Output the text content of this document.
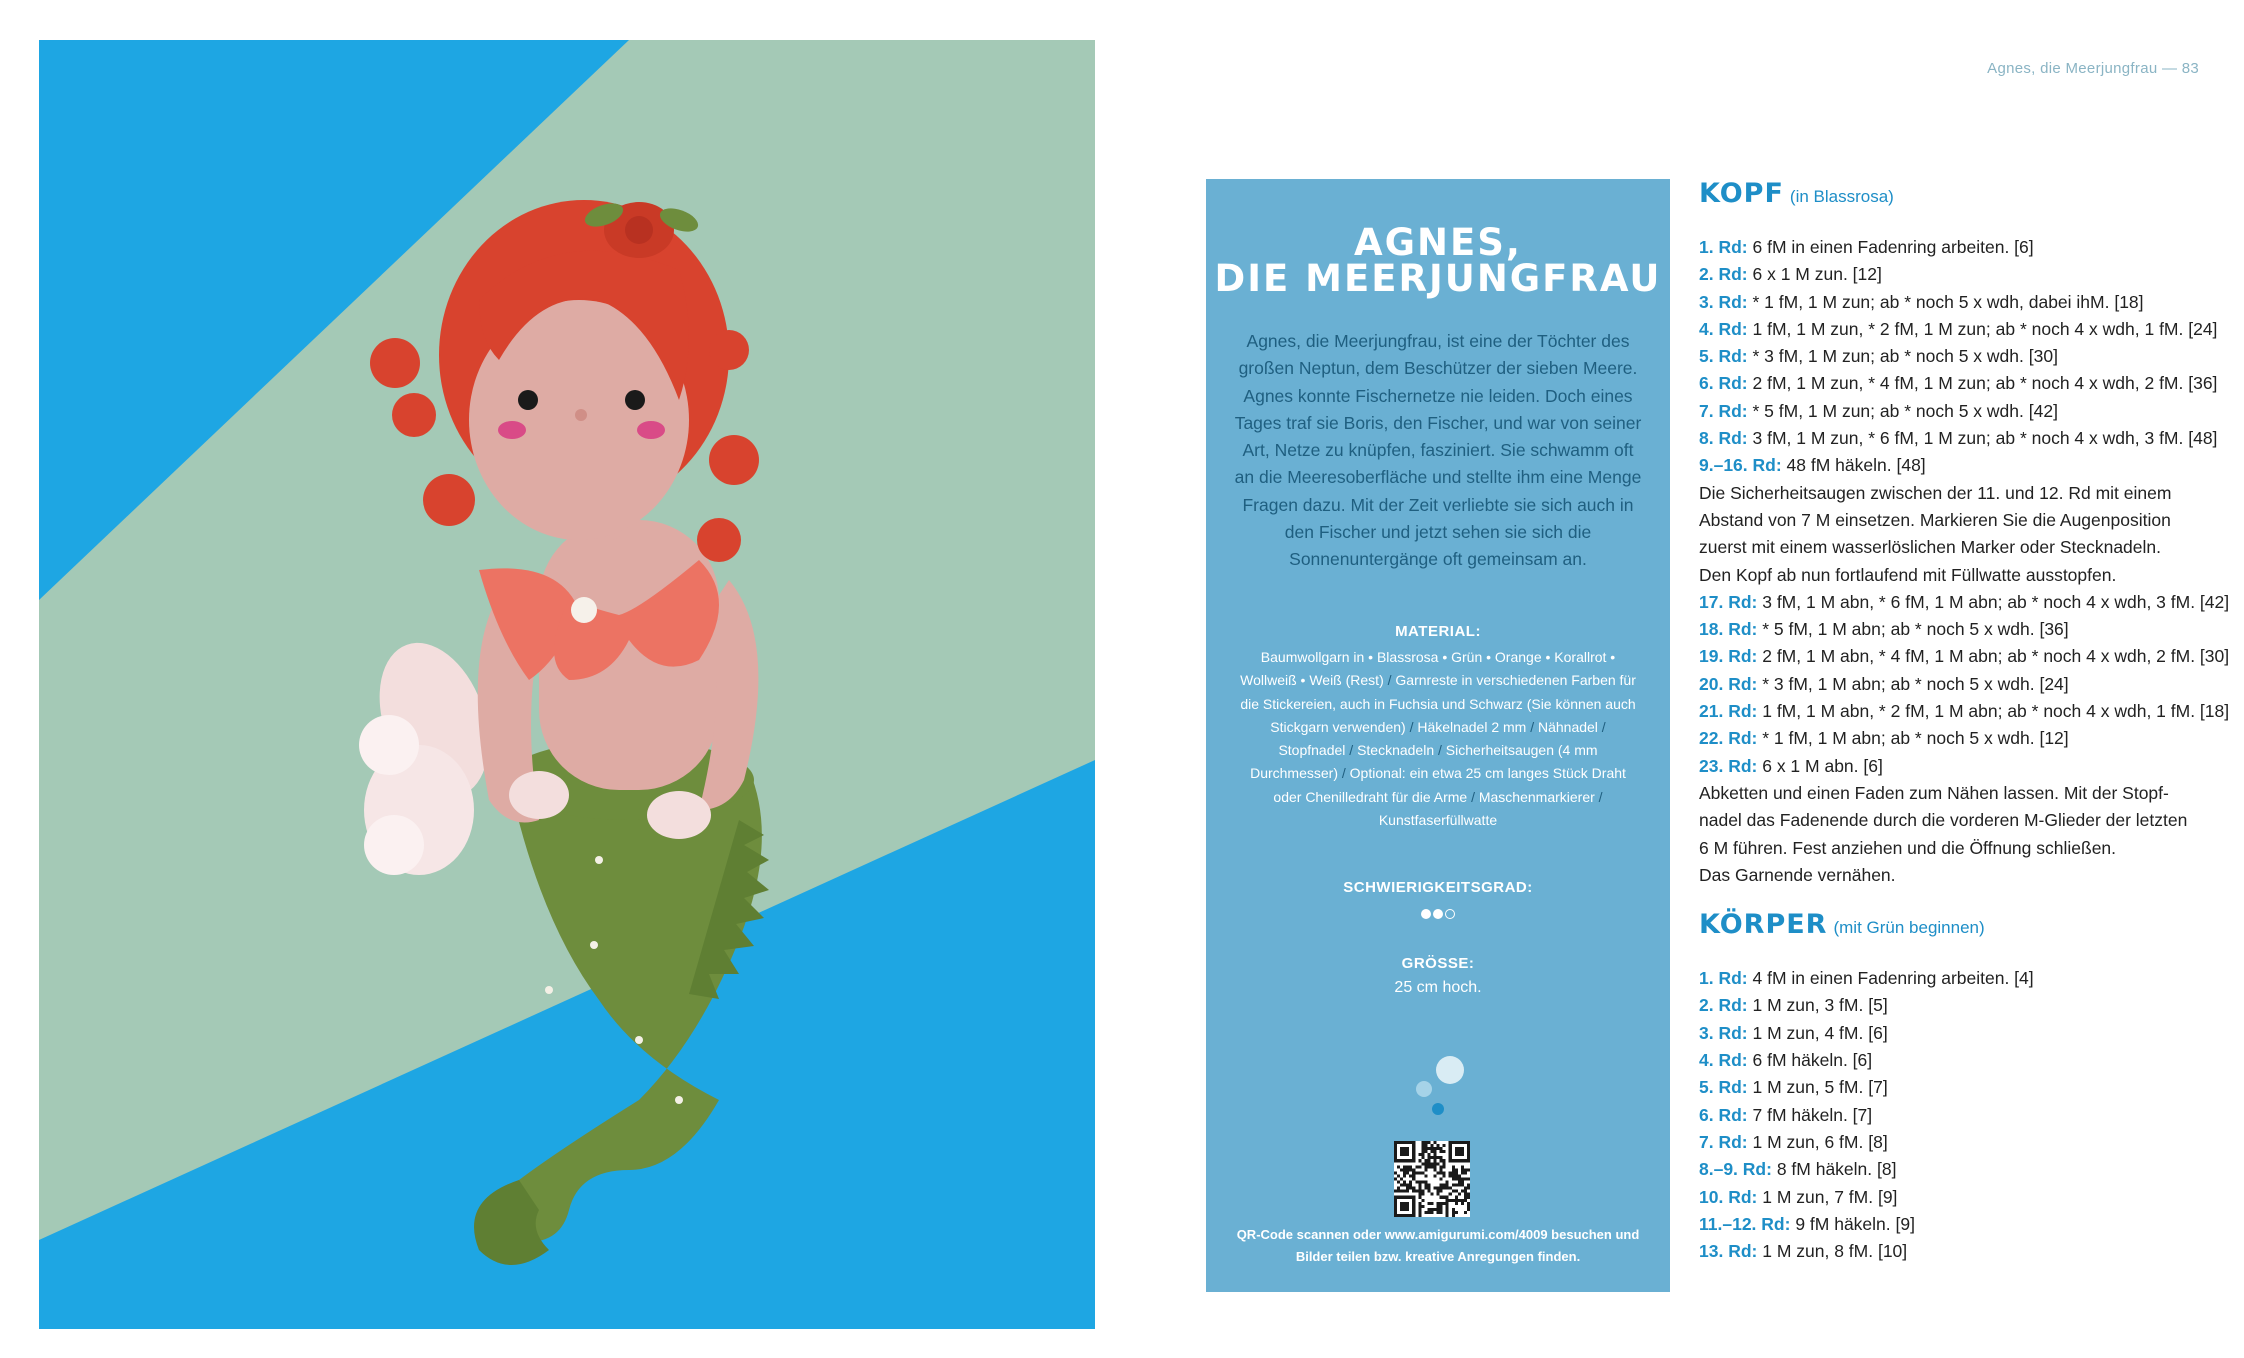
Agnes, die Meerjungfrau — 83

AGNES,

DIE MEERJUNGFRAU

Agnes, die Meerjungfrau, ist eine der Töchter des großen Neptun, dem Beschützer der sieben Meere. Agnes konnte Fischernetze nie leiden. Doch eines Tages traf sie Boris, den Fischer, und war von seiner Art, Netze zu knüpfen, fasziniert. Sie schwamm oft an die Meeresoberfläche und stellte ihm eine Menge Fragen dazu. Mit der Zeit verliebte sie sich auch in den Fischer und jetzt sehen sie sich die Sonnenuntergänge oft gemeinsam an.

MATERIAL:

Baumwollgarn in • Blassrosa • Grün • Orange • Korallrot • Wollweiß • Weiß (Rest) / Garnreste in verschiedenen Farben für die Stickereien, auch in Fuchsia und Schwarz (Sie können auch Stickgarn verwenden) / Häkelnadel 2 mm / Nähnadel / Stopfnadel / Stecknadeln / Sicherheitsaugen (4 mm Durchmesser) / Optional: ein etwa 25 cm langes Stück Draht oder Chenilledraht für die Arme / Maschenmarkierer / Kunstfaserfüllwatte

SCHWIERIGKEITSGRAD:

GRÖSSE:

25 cm hoch.

QR-Code scannen oder www.amigurumi.com/4009 besuchen und Bilder teilen bzw. kreative Anregungen finden.

KOPF (in Blassrosa)

1. Rd: 6 fM in einen Fadenring arbeiten. [6]

2. Rd: 6 x 1 M zun. [12]

3. Rd: * 1 fM, 1 M zun; ab * noch 5 x wdh, dabei ihM. [18]

4. Rd: 1 fM, 1 M zun, * 2 fM, 1 M zun; ab * noch 4 x wdh, 1 fM. [24]

5. Rd: * 3 fM, 1 M zun; ab * noch 5 x wdh. [30]

6. Rd: 2 fM, 1 M zun, * 4 fM, 1 M zun; ab * noch 4 x wdh, 2 fM. [36]

7. Rd: * 5 fM, 1 M zun; ab * noch 5 x wdh. [42]

8. Rd: 3 fM, 1 M zun, * 6 fM, 1 M zun; ab * noch 4 x wdh, 3 fM. [48]

9.–16. Rd: 48 fM häkeln. [48]

Die Sicherheitsaugen zwischen der 11. und 12. Rd mit einem

Abstand von 7 M einsetzen. Markieren Sie die Augenposition

zuerst mit einem wasserlöslichen Marker oder Stecknadeln.

Den Kopf ab nun fortlaufend mit Füllwatte ausstopfen.

17. Rd: 3 fM, 1 M abn, * 6 fM, 1 M abn; ab * noch 4 x wdh, 3 fM. [42]

18. Rd: * 5 fM, 1 M abn; ab * noch 5 x wdh. [36]

19. Rd: 2 fM, 1 M abn, * 4 fM, 1 M abn; ab * noch 4 x wdh, 2 fM. [30]

20. Rd: * 3 fM, 1 M abn; ab * noch 5 x wdh. [24]

21. Rd: 1 fM, 1 M abn, * 2 fM, 1 M abn; ab * noch 4 x wdh, 1 fM. [18]

22. Rd: * 1 fM, 1 M abn; ab * noch 5 x wdh. [12]

23. Rd: 6 x 1 M abn. [6]

Abketten und einen Faden zum Nähen lassen. Mit der Stopf-

nadel das Fadenende durch die vorderen M-Glieder der letzten

6 M führen. Fest anziehen und die Öffnung schließen.

Das Garnende vernähen.

KÖRPER (mit Grün beginnen)

1. Rd: 4 fM in einen Fadenring arbeiten. [4]

2. Rd: 1 M zun, 3 fM. [5]

3. Rd: 1 M zun, 4 fM. [6]

4. Rd: 6 fM häkeln. [6]

5. Rd: 1 M zun, 5 fM. [7]

6. Rd: 7 fM häkeln. [7]

7. Rd: 1 M zun, 6 fM. [8]

8.–9. Rd: 8 fM häkeln. [8]

10. Rd: 1 M zun, 7 fM. [9]

11.–12. Rd: 9 fM häkeln. [9]

13. Rd: 1 M zun, 8 fM. [10]
